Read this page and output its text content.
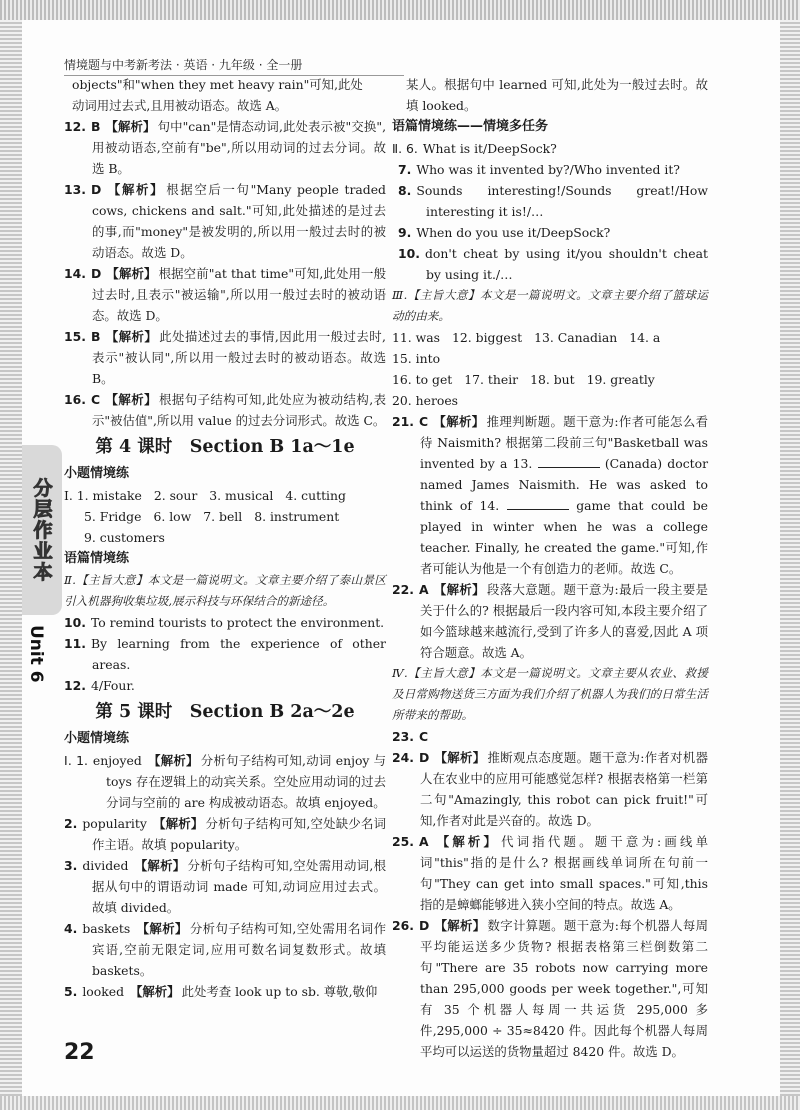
分层作业本
Unit 6
情境题与中考新考法 · 英语 · 九年级 · 全一册

objects"和"when they met heavy rain"可知,此处
动词用过去式,且用被动语态。故选 A。

12. B 【解析】 句中"can"是情态动词,此处表示被"交换",用被动语态,空前有"be",所以用动词的过去分词。故选 B。

13. D 【解析】 根据空后一句"Many people traded cows, chickens and salt."可知,此处描述的是过去的事,而"money"是被发明的,所以用一般过去时的被动语态。故选 D。

14. D 【解析】 根据空前"at that time"可知,此处用一般过去时,且表示"被运输",所以用一般过去时的被动语态。故选 D。

15. B 【解析】 此处描述过去的事情,因此用一般过去时,表示"被认同",所以用一般过去时的被动语态。故选 B。

16. C 【解析】 根据句子结构可知,此处应为被动结构,表示"被估值",所以用 value 的过去分词形式。故选 C。

第 4 课时　Section B 1a～1e

小题情境练

Ⅰ. 1. mistake 2. sour 3. musical 4. cutting
5. Fridge 6. low 7. bell 8. instrument
9. customers

语篇情境练

Ⅱ.【主旨大意】本文是一篇说明文。文章主要介绍了泰山景区引入机器狗收集垃圾,展示科技与环保结合的新途径。

10. To remind tourists to protect the environment.

11. By learning from the experience of other areas.

12. 4/Four.

第 5 课时　Section B 2a～2e

小题情境练

Ⅰ. 1. enjoyed 【解析】 分析句子结构可知,动词 enjoy 与 toys 存在逻辑上的动宾关系。空处应用动词的过去分词与空前的 are 构成被动语态。故填 enjoyed。

2. popularity 【解析】 分析句子结构可知,空处缺少名词作主语。故填 popularity。

3. divided 【解析】 分析句子结构可知,空处需用动词,根据从句中的谓语动词 made 可知,动词应用过去式。故填 divided。

4. baskets 【解析】 分析句子结构可知,空处需用名词作宾语,空前无限定词,应用可数名词复数形式。故填 baskets。

5. looked 【解析】 此处考查 look up to sb. 尊敬,敬仰

某人。根据句中 learned 可知,此处为一般过去时。故填 looked。

语篇情境练——情境多任务

Ⅱ. 6. What is it/DeepSock?

7. Who was it invented by?/Who invented it?

8. Sounds interesting!/Sounds great!/How interesting it is!/…

9. When do you use it/DeepSock?

10. don't cheat by using it/you shouldn't cheat by using it./…

Ⅲ.【主旨大意】本文是一篇说明文。文章主要介绍了篮球运动的由来。

11. was 12. biggest 13. Canadian 14. a
15. into
16. to get 17. their 18. but 19. greatly
20. heroes

21. C 【解析】 推理判断题。题干意为:作者可能怎么看待 Naismith? 根据第二段前三句"Basketball was invented by a 13.	(Canada) doctor named James Naismith. He was asked to think of 14.	game that could be played in winter when he was a college teacher. Finally, he created the game."可知,作者可能认为他是一个有创造力的老师。故选 C。

22. A 【解析】 段落大意题。题干意为:最后一段主要是关于什么的? 根据最后一段内容可知,本段主要介绍了如今篮球越来越流行,受到了许多人的喜爱,因此 A 项符合题意。故选 A。

Ⅳ.【主旨大意】本文是一篇说明文。文章主要从农业、救援及日常购物送货三方面为我们介绍了机器人为我们的日常生活所带来的帮助。

23. C

24. D 【解析】 推断观点态度题。题干意为:作者对机器人在农业中的应用可能感觉怎样? 根据表格第一栏第二句"Amazingly, this robot can pick fruit!"可知,作者对此是兴奋的。故选 D。

25. A 【解析】 代词指代题。题干意为:画线单词"this"指的是什么? 根据画线单词所在句前一句"They can get into small spaces."可知,this 指的是蟑螂能够进入狭小空间的特点。故选 A。

26. D 【解析】 数字计算题。题干意为:每个机器人每周平均能运送多少货物? 根据表格第三栏倒数第二句"There are 35 robots now carrying more than 295,000 goods per week together.",可知有 35 个机器人每周一共运货 295,000 多件,295,000 ÷ 35≈8420 件。因此每个机器人每周平均可以运送的货物量超过 8420 件。故选 D。

22
